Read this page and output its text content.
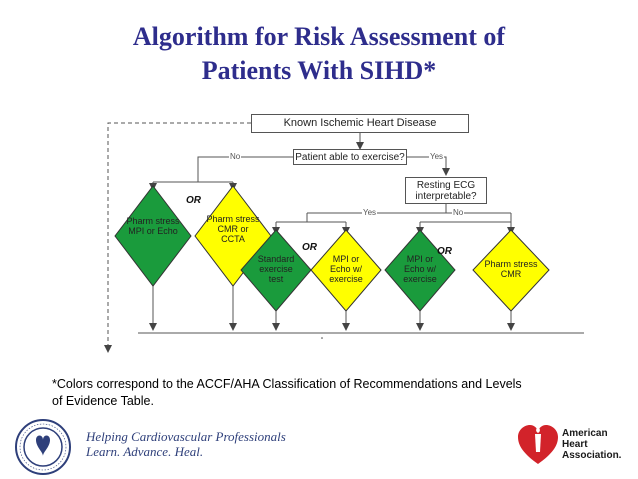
Algorithm for Risk Assessment of
Patients With SIHD*
Known Ischemic Heart Disease
Patient able to exercise?
Resting ECG
interpretable?
No	Yes
Yes	No
OR
OR	OR
Pharm stress
MPI or Echo
Pharm stress
CMR or
CCTA
Standard
exercise
test
MPI or
Echo w/
exercise
MPI or
Echo w/
exercise
Pharm stress
CMR
*Colors correspond to the ACCF/AHA Classification of Recommendations and Levels
of Evidence Table.
Helping Cardiovascular Professionals
Learn. Advance. Heal.
American
Heart
Association.
